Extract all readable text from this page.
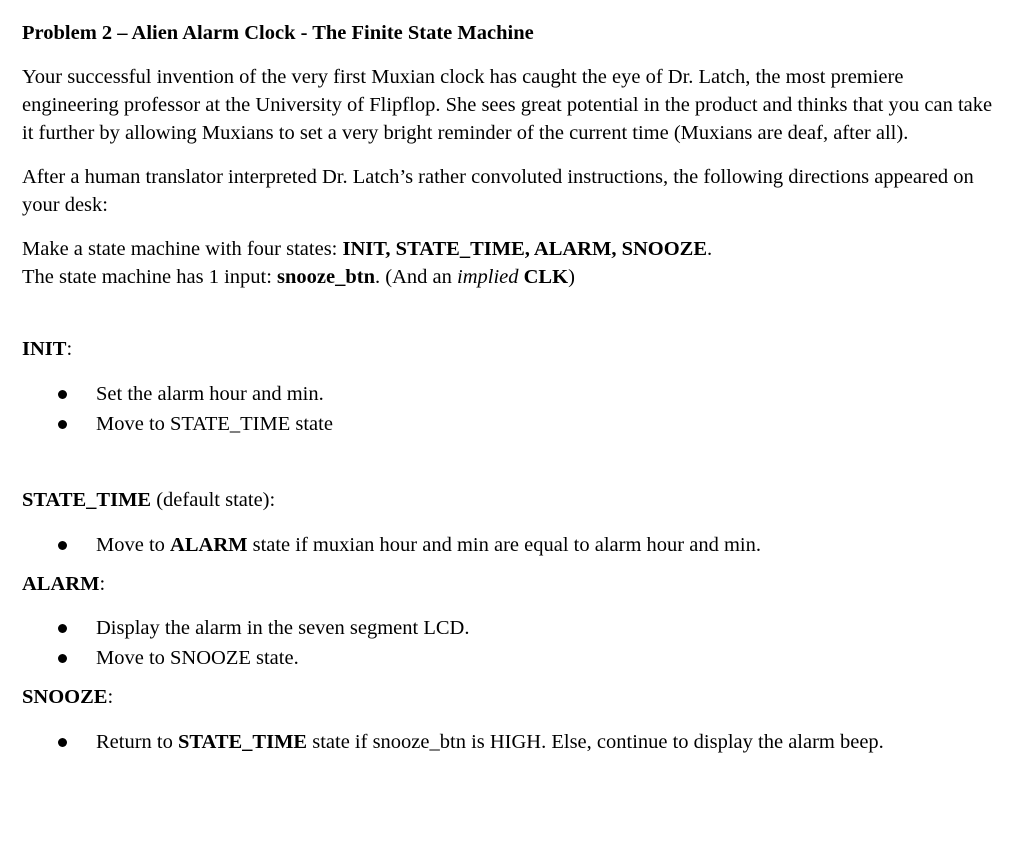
Problem 2 – Alien Alarm Clock - The Finite State Machine

Your successful invention of the very first Muxian clock has caught the eye of Dr. Latch, the most premiere engineering professor at the University of Flipflop. She sees great potential in the product and thinks that you can take it further by allowing Muxians to set a very bright reminder of the current time (Muxians are deaf, after all).

After a human translator interpreted Dr. Latch’s rather convoluted instructions, the following directions appeared on your desk:

Make a state machine with four states: INIT, STATE_TIME, ALARM, SNOOZE.

The state machine has 1 input: snooze_btn. (And an implied CLK)

INIT:

Set the alarm hour and min.
Move to STATE_TIME state

STATE_TIME (default state):

Move to ALARM state if muxian hour and min are equal to alarm hour and min.

ALARM:

Display the alarm in the seven segment LCD.
Move to SNOOZE state.

SNOOZE:

Return to STATE_TIME state if snooze_btn is HIGH. Else, continue to display the alarm beep.
